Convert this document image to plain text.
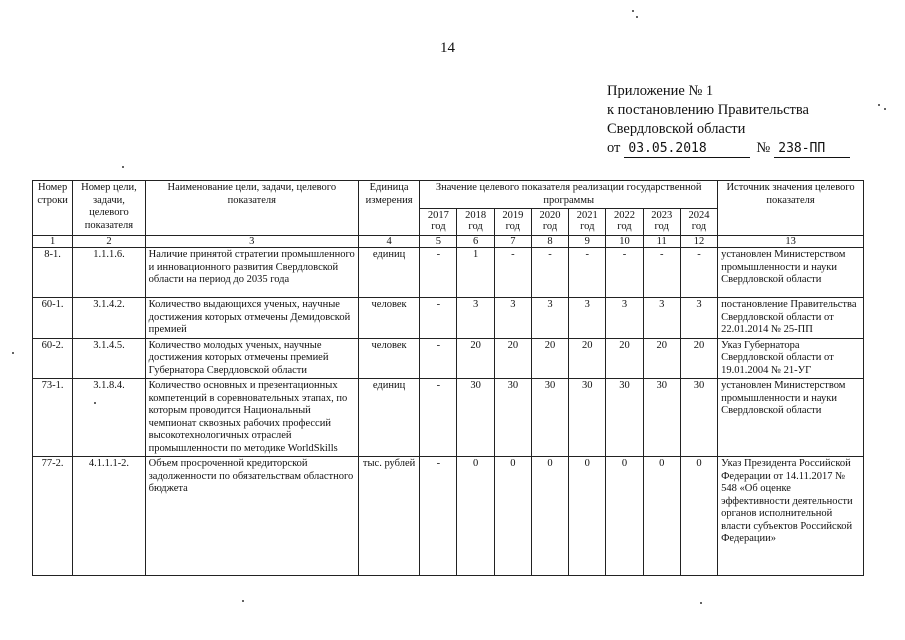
14
Приложение № 1
к постановлению Правительства
Свердловской области
от 03.05.2018	№ 238-ПП
Номер строки	Номер цели, задачи, целевого показателя	Наименование цели, задачи, целевого показателя	Единица измерения	Значение целевого показателя реализации государственной программы								Источник значения целевого показателя
				2017 год	2018 год	2019 год	2020 год	2021 год	2022 год	2023 год	2024 год	
1	2	3	4	5	6	7	8	9	10	11	12	13
8-1.	1.1.1.6.	Наличие принятой стратегии промышленного и инновационного развития Свердловской области на период до 2035 года	единиц	-	1	-	-	-	-	-	-	установлен Министерством промышленности и науки Свердловской области
60-1.	3.1.4.2.	Количество выдающихся ученых, научные достижения которых отмечены Демидовской премией	человек	-	3	3	3	3	3	3	3	постановление Правительства Свердловской области от 22.01.2014 № 25-ПП
60-2.	3.1.4.5.	Количество молодых ученых, научные достижения которых отмечены премией Губернатора Свердловской области	человек	-	20	20	20	20	20	20	20	Указ Губернатора Свердловской области от 19.01.2004 № 21-УГ
73-1.	3.1.8.4.	Количество основных и презентационных компетенций в соревновательных этапах, по которым проводится Национальный чемпионат сквозных рабочих профессий высокотехнологичных отраслей промышленности по методике WorldSkills	единиц	-	30	30	30	30	30	30	30	установлен Министерством промышленности и науки Свердловской области
77-2.	4.1.1.1-2.	Объем просроченной кредиторской задолженности по обязательствам областного бюджета	тыс. рублей	-	0	0	0	0	0	0	0	Указ Президента Российской Федерации от 14.11.2017 № 548 «Об оценке эффективности деятельности органов исполнительной власти субъектов Российской Федерации»
